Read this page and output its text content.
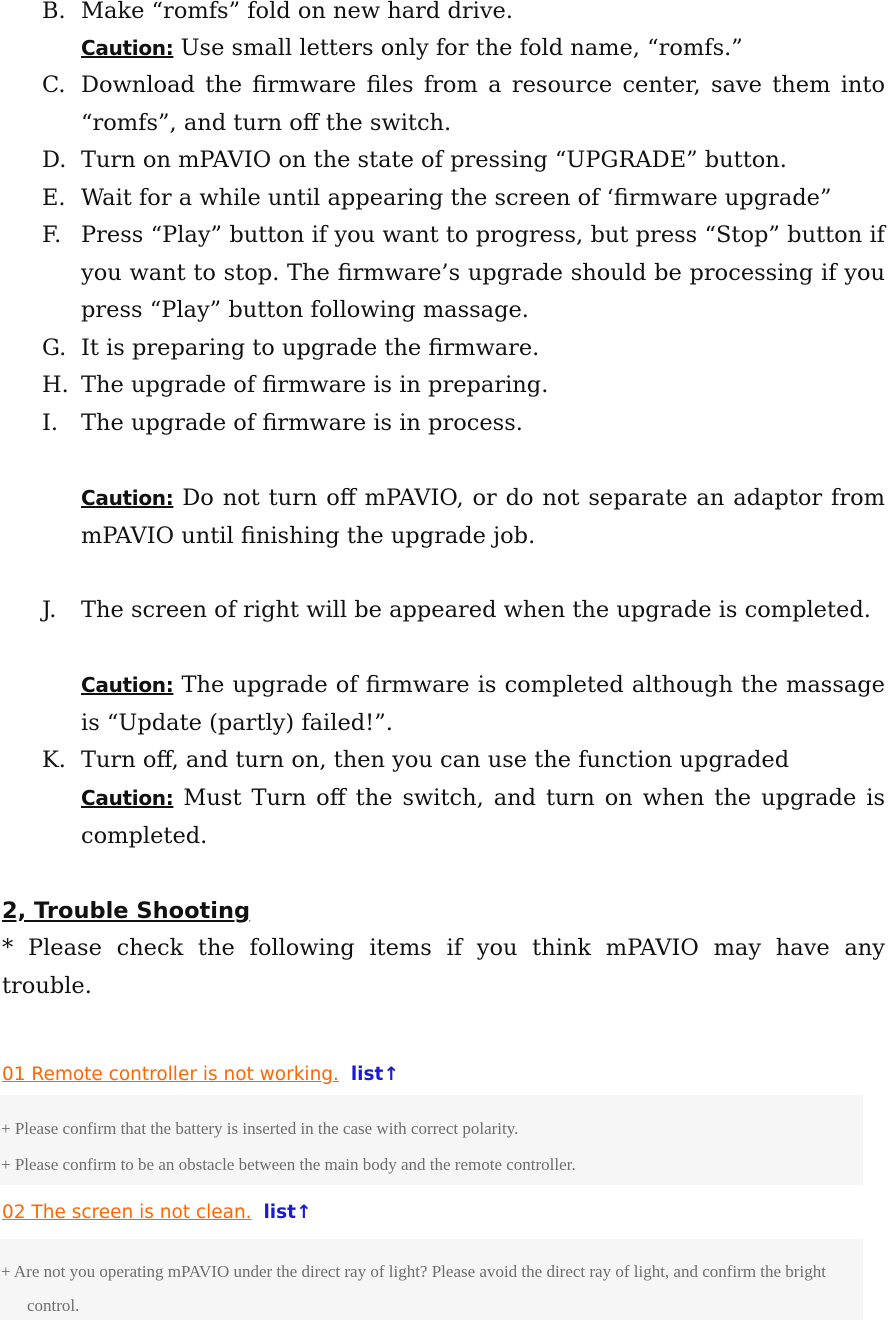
B. Make “romfs” fold on new hard drive.
Caution: Use small letters only for the fold name, “romfs.”
C. Download the firmware files from a resource center, save them into “romfs”, and turn off the switch.
D. Turn on mPAVIO on the state of pressing “UPGRADE” button.
E. Wait for a while until appearing the screen of ‘firmware upgrade”
F. Press “Play” button if you want to progress, but press “Stop” button if you want to stop. The firmware’s upgrade should be processing if you press “Play” button following massage.
G. It is preparing to upgrade the firmware.
H. The upgrade of firmware is in preparing.
I. The upgrade of firmware is in process.
Caution: Do not turn off mPAVIO, or do not separate an adaptor from mPAVIO until finishing the upgrade job.
J. The screen of right will be appeared when the upgrade is completed.
Caution: The upgrade of firmware is completed although the massage is “Update (partly) failed!”.
K. Turn off, and turn on, then you can use the function upgraded
Caution: Must Turn off the switch, and turn on when the upgrade is completed.
2, Trouble Shooting
* Please check the following items if you think mPAVIO may have any trouble.
01 Remote controller is not working. list↑
+ Please confirm that the battery is inserted in the case with correct polarity.
+ Please confirm to be an obstacle between the main body and the remote controller.
02 The screen is not clean. list↑
+ Are not you operating mPAVIO under the direct ray of light? Please avoid the direct ray of light, and confirm the bright control.
